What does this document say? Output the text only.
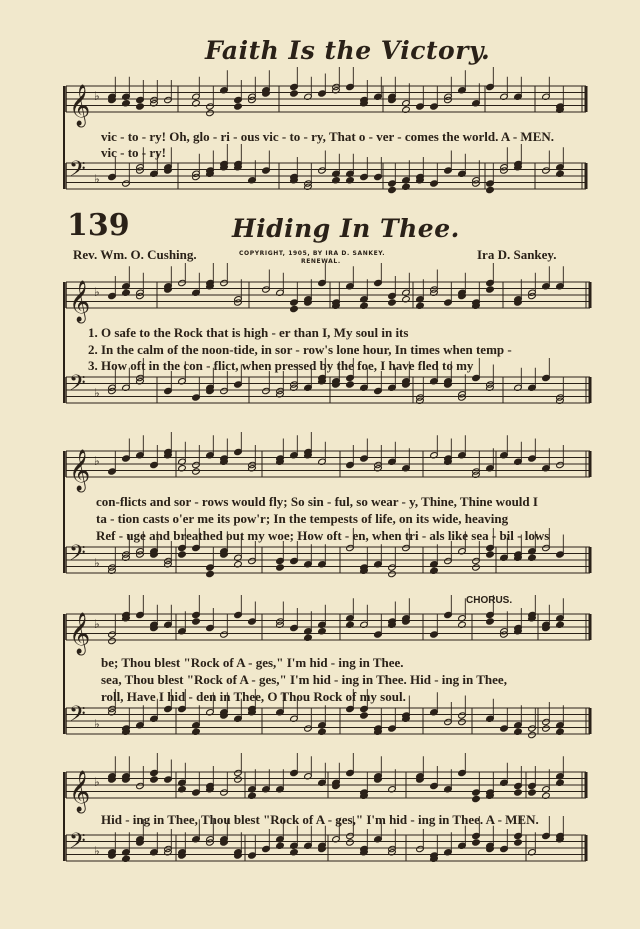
𝄞 ♭
𝄢 ♭
𝄞 ♭
𝄢 ♭
𝄞 ♭
𝄢 ♭
𝄞 ♭
𝄢 ♭
𝄞 ♭
𝄢 ♭
Faith Is the Victory.
vic - to - ry! Oh, glo - ri - ous vic - to - ry, That o - ver - comes the world. A - MEN.
vic - to - ry!
139	Hiding In Thee.
Rev. Wm. O. Cushing.	COPYRIGHT, 1905, BY IRA D. SANKEY.
RENEWAL.	Ira D. Sankey.
1. O safe to the Rock that is high - er than I, My soul in its
2. In the calm of the noon-tide, in sor - row's lone hour, In times when temp -
3. How oft in the con - flict, when pressed by the foe, I have fled to my
con-flicts and sor - rows would fly; So sin - ful, so wear - y, Thine, Thine would I
ta - tion casts o'er me its pow'r; In the tempests of life, on its wide, heaving
Ref - uge and breathed out my woe; How oft - en, when tri - als like sea - bil - lows
CHORUS.
be; Thou blest "Rock of A - ges," I'm hid - ing in Thee.
sea, Thou blest "Rock of A - ges," I'm hid - ing in Thee. Hid - ing in Thee,
roll, Have I hid - den in Thee, O Thou Rock of my soul.
Hid - ing in Thee, Thou blest "Rock of A - ges," I'm hid - ing in Thee. A - MEN.
